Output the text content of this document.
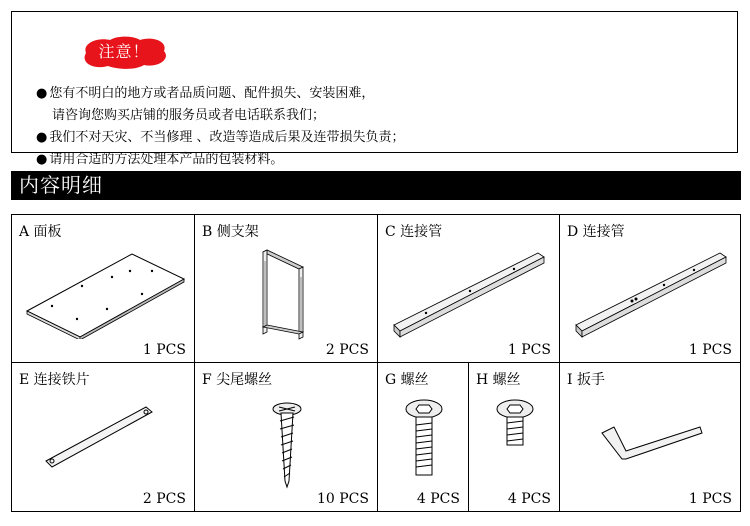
注意！
● 您有不明白的地方或者品质问题、配件损失、安装困难，
请咨询您购买店铺的服务员或者电话联系我们；
● 我们不对天灾、不当修理 、改造等造成后果及连带损失负责；
● 请用合适的方法处理本产品的包装材料。
内容明细
A 面板
1 PCS
B 侧支架
2 PCS
C 连接管
1 PCS
D 连接管
1 PCS
E 连接铁片
2 PCS
F 尖尾螺丝
10 PCS
G 螺丝
4 PCS
H 螺丝
4 PCS
I 扳手
1 PCS
